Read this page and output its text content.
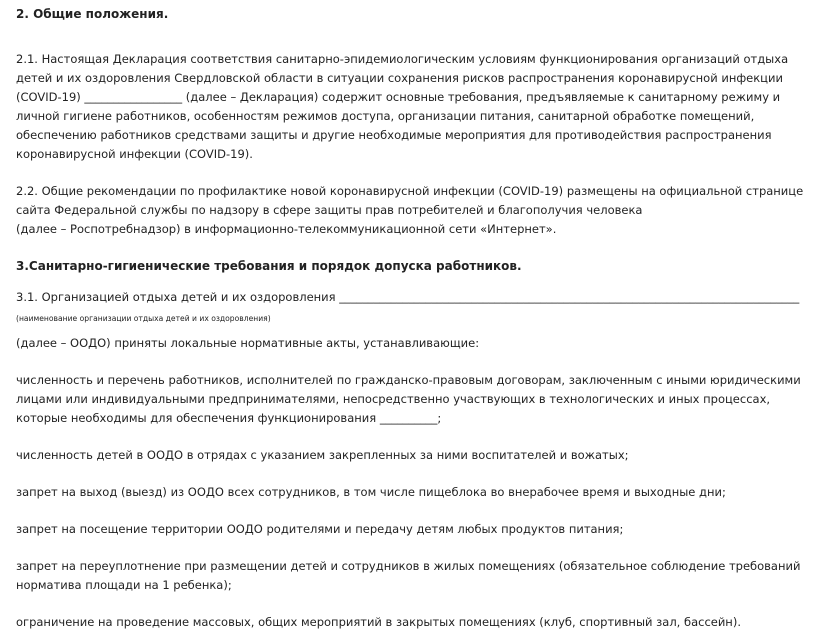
2. Общие положения.

2.1. Настоящая Декларация соответствия санитарно-эпидемиологическим условиям функционирования организаций отдыха детей и их оздоровления Свердловской области в ситуации сохранения рисков распространения коронавирусной инфекции (COVID-19) _________________ (далее – Декларация) содержит основные требования, предъявляемые к санитарному режиму и личной гигиене работников, особенностям режимов доступа, организации питания, санитарной обработке помещений, обеспечению работников средствами защиты и другие необходимые мероприятия для противодействия распространения коронавирусной инфекции (COVID-19).

2.2. Общие рекомендации по профилактике новой коронавирусной инфекции (COVID-19) размещены на официальной странице сайта Федеральной службы по надзору в сфере защиты прав потребителей и благополучия человека

(далее – Роспотребнадзор) в информационно-телекоммуникационной сети «Интернет».

3.Санитарно-гигиенические требования и порядок допуска работников.

3.1. Организацией отдыха детей и их оздоровления ________________________________________________________________________________

(наименование организации отдыха детей и их оздоровления)

(далее – ООДО) приняты локальные нормативные акты, устанавливающие:

численность и перечень работников, исполнителей по гражданско-правовым договорам, заключенным с иными юридическими лицами или индивидуальными предпринимателями, непосредственно участвующих в технологических и иных процессах, которые необходимы для обеспечения функционирования __________;

численность детей в ООДО в отрядах с указанием закрепленных за ними воспитателей и вожатых;

запрет на выход (выезд) из ООДО всех сотрудников, в том числе пищеблока во внерабочее время и выходные дни;

запрет на посещение территории ООДО родителями и передачу детям любых продуктов питания;

запрет на переуплотнение при размещении детей и сотрудников в жилых помещениях (обязательное соблюдение требований норматива площади на 1 ребенка);

ограничение на проведение массовых, общих мероприятий в закрытых помещениях (клуб, спортивный зал, бассейн).
